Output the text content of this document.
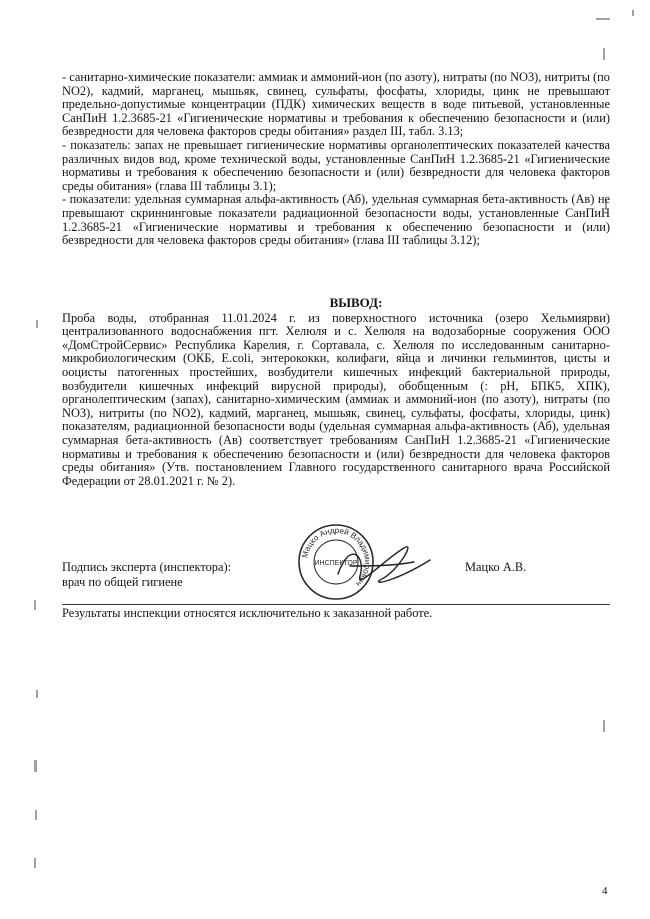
- санитарно-химические показатели: аммиак и аммоний-ион (по азоту), нитраты (по NO3), нитриты (по NO2), кадмий, марганец, мышьяк, свинец, сульфаты, фосфаты, хлориды, цинк не превышают предельно-допустимые концентрации (ПДК) химических веществ в воде питьевой, установленные СанПиН 1.2.3685-21 «Гигиенические нормативы и требования к обеспечению безопасности и (или) безвредности для человека факторов среды обитания» раздел III, табл. 3.13;

- показатель: запах не превышает гигиенические нормативы органолептических показателей качества различных видов вод, кроме технической воды, установленные СанПиН 1.2.3685-21 «Гигиенические нормативы и требования к обеспечению безопасности и (или) безвредности для человека факторов среды обитания» (глава III таблицы 3.1);

- показатели: удельная суммарная альфа-активность (Аб), удельная суммарная бета-активность (Ав) не превышают скриннинговые показатели радиационной безопасности воды, установленные СанПиН 1.2.3685-21 «Гигиенические нормативы и требования к обеспечению безопасности и (или) безвредности для человека факторов среды обитания» (глава III таблицы 3.12);

ВЫВОД:

Проба воды, отобранная 11.01.2024 г. из поверхностного источника (озеро Хельмиярви) централизованного водоснабжения пгт. Хелюля и с. Хелюля на водозаборные сооружения ООО «ДомСтройСервис» Республика Карелия, г. Сортавала, с. Хелюля по исследованным санитарно-микробиологическим (ОКБ, E.coli, энтерококки, колифаги, яйца и личинки гельминтов, цисты и ооцисты патогенных простейших, возбудители кишечных инфекций бактериальной природы, возбудители кишечных инфекций вирусной природы), обобщенным (: рН, БПК5, ХПК), органолептическим (запах), санитарно-химическим (аммиак и аммоний-ион (по азоту), нитраты (по NO3), нитриты (по NO2), кадмий, марганец, мышьяк, свинец, сульфаты, фосфаты, хлориды, цинк) показателям, радиационной безопасности воды (удельная суммарная альфа-активность (Аб), удельная суммарная бета-активность (Ав) соответствует требованиям СанПиН 1.2.3685-21 «Гигиенические нормативы и требования к обеспечению безопасности и (или) безвредности для человека факторов среды обитания» (Утв. постановлением Главного государственного санитарного врача Российской Федерации от 28.01.2021 г. № 2).

Мацко Андрей Владимирович
ИНСПЕКТОР
Подпись эксперта (инспектора):
врач по общей гигиене
Мацко А.В.
Результаты инспекции относятся исключительно к заказанной работе.
4
